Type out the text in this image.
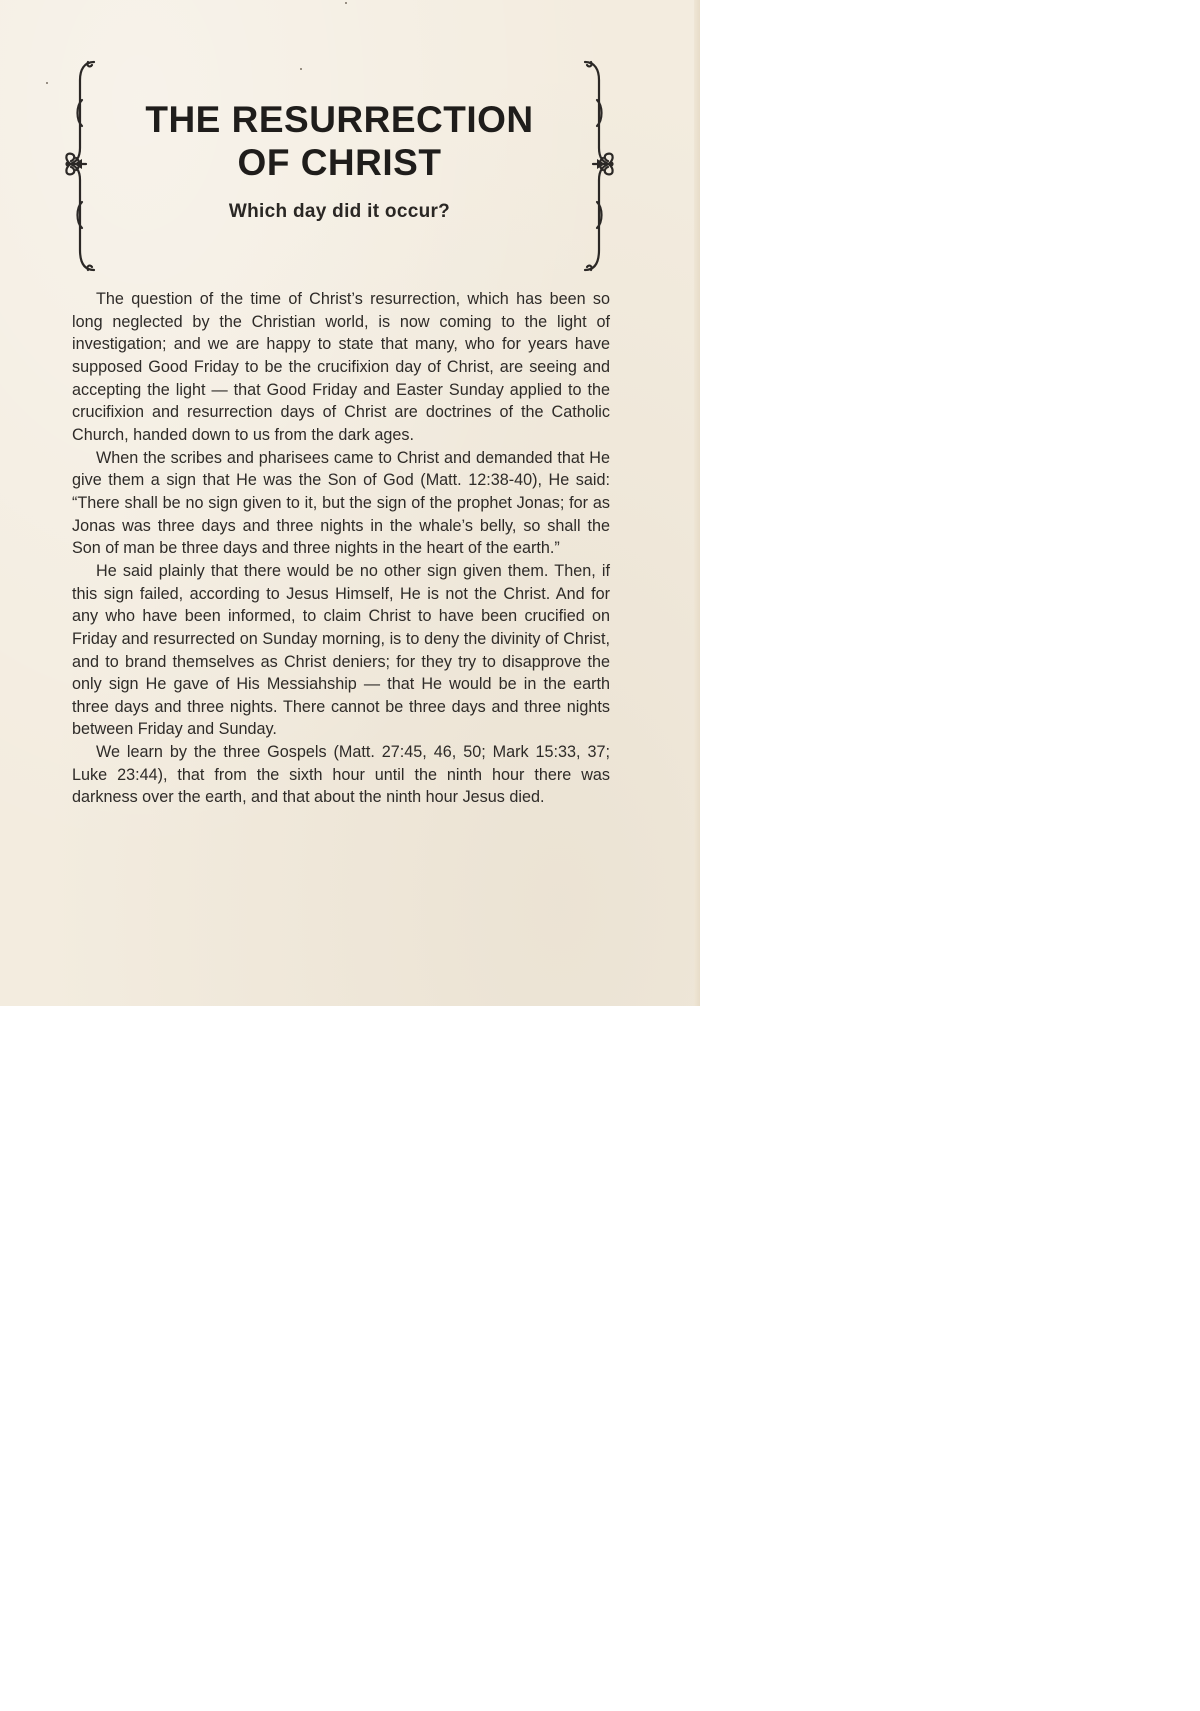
THE RESURRECTION
OF CHRIST
Which day did it occur?

The question of the time of Christ’s resurrection, which has been so long neglected by the Christian world, is now coming to the light of investigation; and we are happy to state that many, who for years have supposed Good Friday to be the crucifixion day of Christ, are seeing and accepting the light — that Good Friday and Easter Sunday applied to the crucifixion and resurrection days of Christ are doctrines of the Catholic Church, handed down to us from the dark ages.

When the scribes and pharisees came to Christ and demanded that He give them a sign that He was the Son of God (Matt. 12:38-40), He said: “There shall be no sign given to it, but the sign of the prophet Jonas; for as Jonas was three days and three nights in the whale’s belly, so shall the Son of man be three days and three nights in the heart of the earth.”

He said plainly that there would be no other sign given them. Then, if this sign failed, according to Jesus Himself, He is not the Christ. And for any who have been informed, to claim Christ to have been crucified on Friday and resurrected on Sunday morning, is to deny the divinity of Christ, and to brand themselves as Christ deniers; for they try to disapprove the only sign He gave of His Messiahship — that He would be in the earth three days and three nights. There cannot be three days and three nights between Friday and Sunday.

We learn by the three Gospels (Matt. 27:45, 46, 50; Mark 15:33, 37; Luke 23:44), that from the sixth hour until the ninth hour there was darkness over the earth, and that about the ninth hour Jesus died.
